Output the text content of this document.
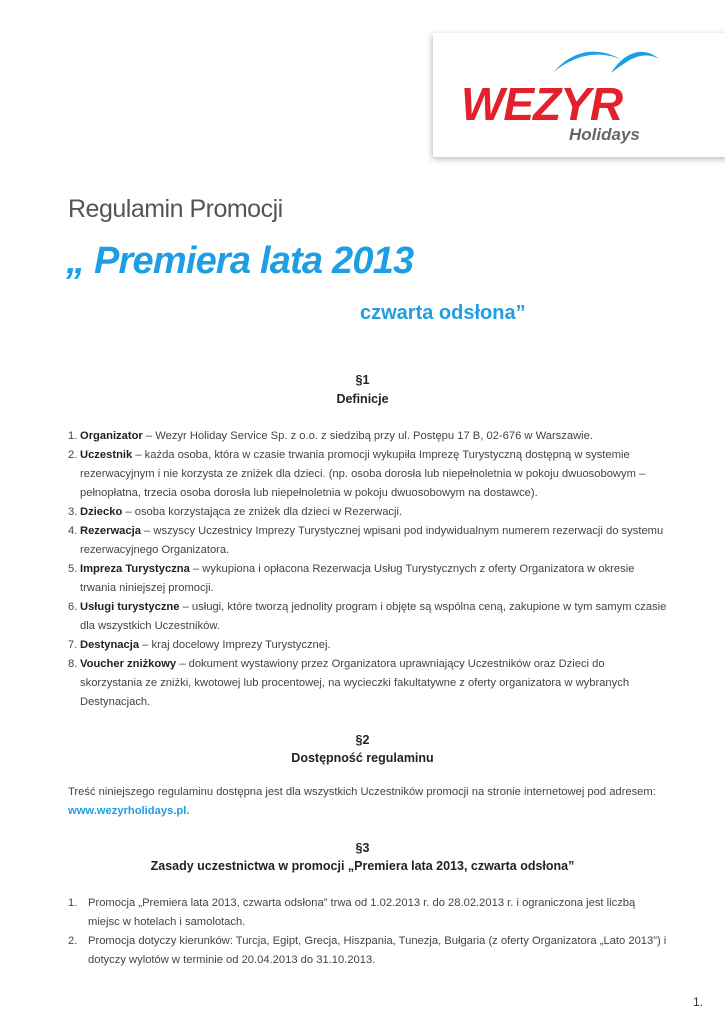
WEZYR
Holidays
Regulamin Promocji
„ Premiera lata 2013
czwarta odsłona”
§1
Definicje
1. Organizator – Wezyr Holiday Service Sp. z o.o. z siedzibą przy ul. Postępu 17 B, 02-676 w Warszawie.
2. Uczestnik – każda osoba, która w czasie trwania promocji wykupiła Imprezę Turystyczną dostępną w systemie rezerwacyjnym i nie korzysta ze zniżek dla dzieci. (np. osoba dorosła lub niepełnoletnia w pokoju dwuosobowym – pełnopłatna, trzecia osoba dorosła lub niepełnoletnia w pokoju dwuosobowym na dostawce).
3. Dziecko – osoba korzystająca ze zniżek dla dzieci w Rezerwacji.
4. Rezerwacja – wszyscy Uczestnicy Imprezy Turystycznej wpisani pod indywidualnym numerem rezerwacji do systemu rezerwacyjnego Organizatora.
5. Impreza Turystyczna – wykupiona i opłacona Rezerwacja Usług Turystycznych z oferty Organizatora w okresie trwania niniejszej promocji.
6. Usługi turystyczne – usługi, które tworzą jednolity program i objęte są wspólna ceną, zakupione w tym samym czasie dla wszystkich Uczestników.
7. Destynacja – kraj docelowy Imprezy Turystycznej.
8. Voucher zniżkowy – dokument wystawiony przez Organizatora uprawniający Uczestników oraz Dzieci do skorzystania ze zniżki, kwotowej lub procentowej, na wycieczki fakultatywne z oferty organizatora w wybranych Destynacjach.
§2
Dostępność regulaminu
Treść niniejszego regulaminu dostępna jest dla wszystkich Uczestników promocji na stronie internetowej pod adresem: www.wezyrholidays.pl.
§3
Zasady uczestnictwa w promocji „Premiera lata 2013, czwarta odsłona”
1. Promocja „Premiera lata 2013, czwarta odsłona” trwa od 1.02.2013 r. do 28.02.2013 r. i ograniczona jest liczbą miejsc w hotelach i samolotach.
2. Promocja dotyczy kierunków: Turcja, Egipt, Grecja, Hiszpania, Tunezja, Bułgaria (z oferty Organizatora „Lato 2013”) i dotyczy wylotów w terminie od 20.04.2013 do 31.10.2013.
1.
